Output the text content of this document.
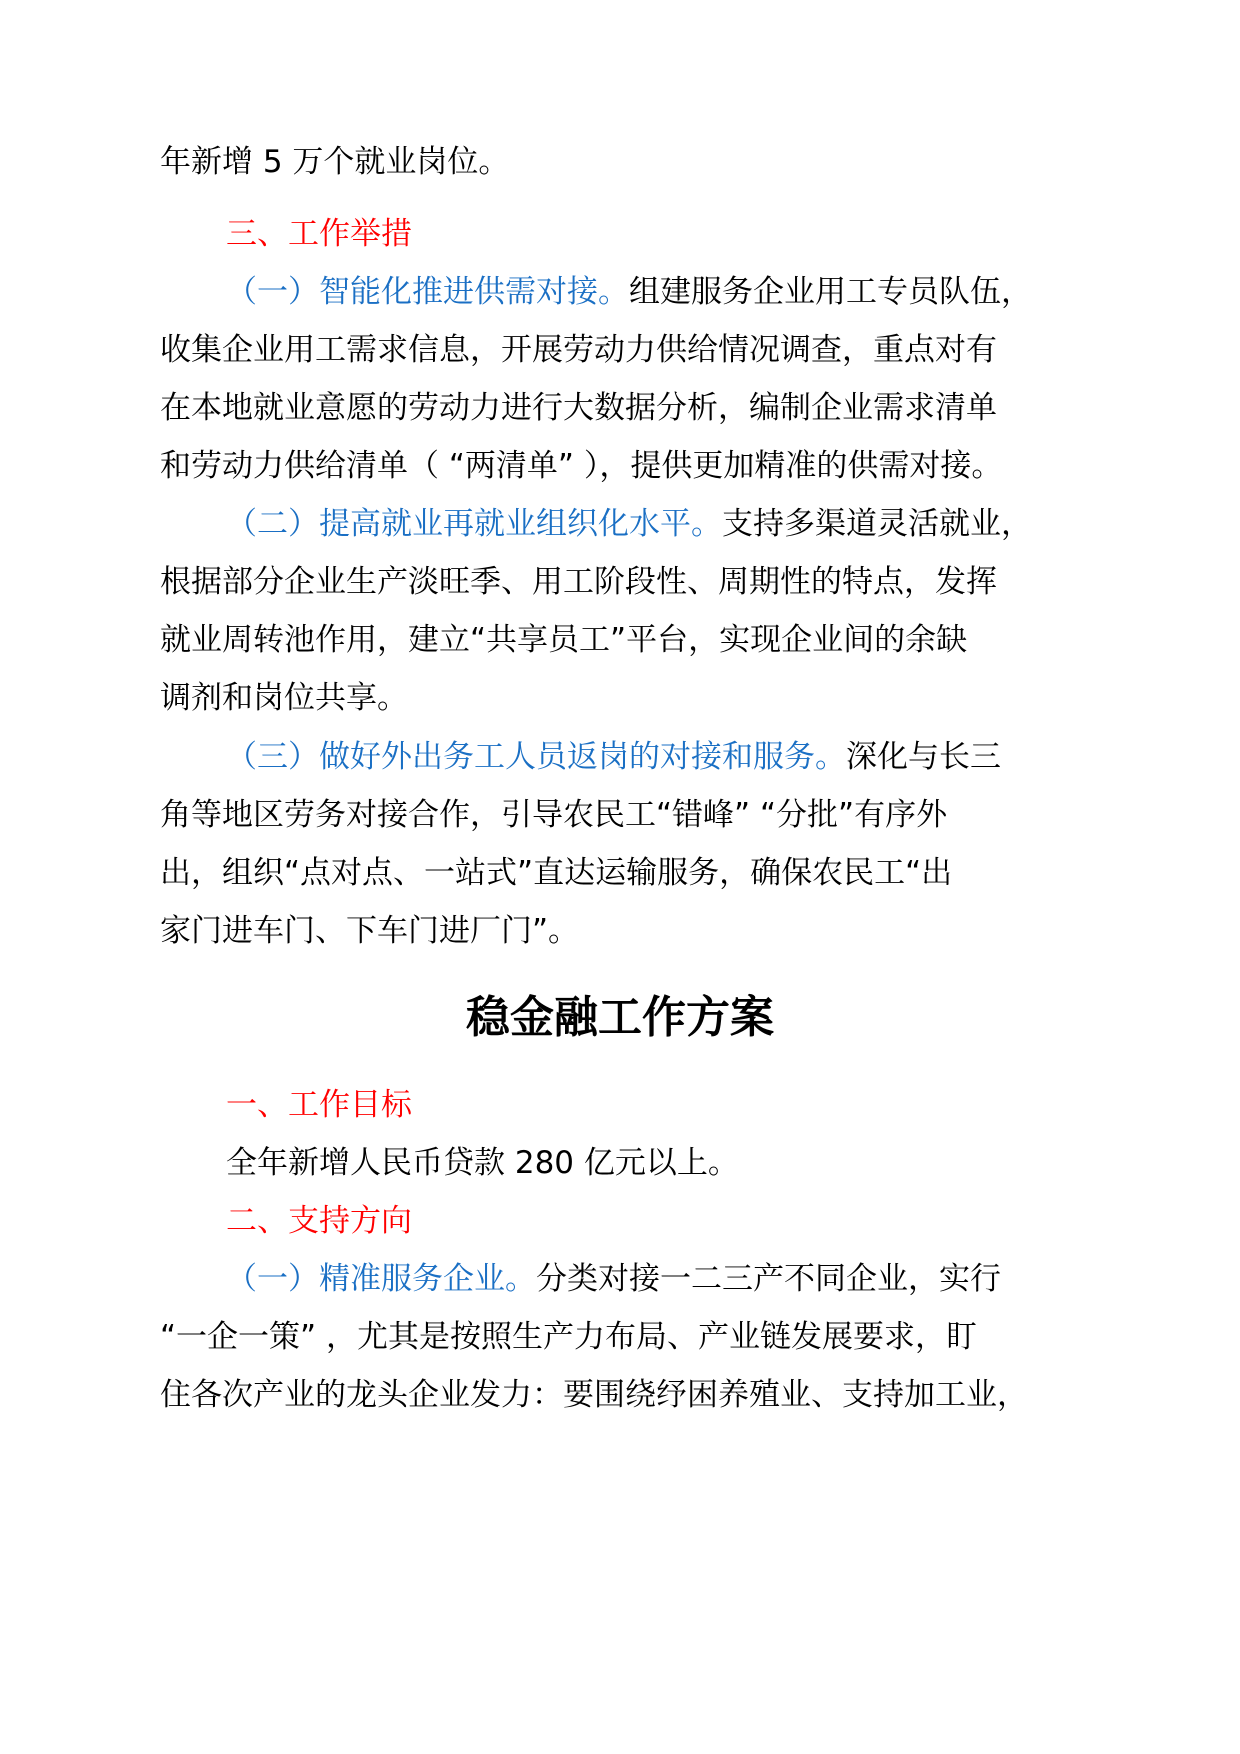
年新增 5 万个就业岗位。
三、工作举措
（一）智能化推进供需对接。组建服务企业用工专员队伍，
收集企业用工需求信息，开展劳动力供给情况调查，重点对有
在本地就业意愿的劳动力进行大数据分析，编制企业需求清单
和劳动力供给清单（ “两清单” ），提供更加精准的供需对接。
（二）提高就业再就业组织化水平。支持多渠道灵活就业，
根据部分企业生产淡旺季、用工阶段性、周期性的特点，发挥
就业周转池作用，建立“共享员工”平台，实现企业间的余缺
调剂和岗位共享。
（三）做好外出务工人员返岗的对接和服务。深化与长三
角等地区劳务对接合作，引导农民工“错峰” “分批”有序外
出，组织“点对点、一站式”直达运输服务，确保农民工“出
家门进车门、下车门进厂门”。
稳金融工作方案
一、工作目标
全年新增人民币贷款 280 亿元以上。
二、支持方向
（一）精准服务企业。分类对接一二三产不同企业，实行
“一企一策” ，尤其是按照生产力布局、产业链发展要求，盯
住各次产业的龙头企业发力：要围绕纾困养殖业、支持加工业，
